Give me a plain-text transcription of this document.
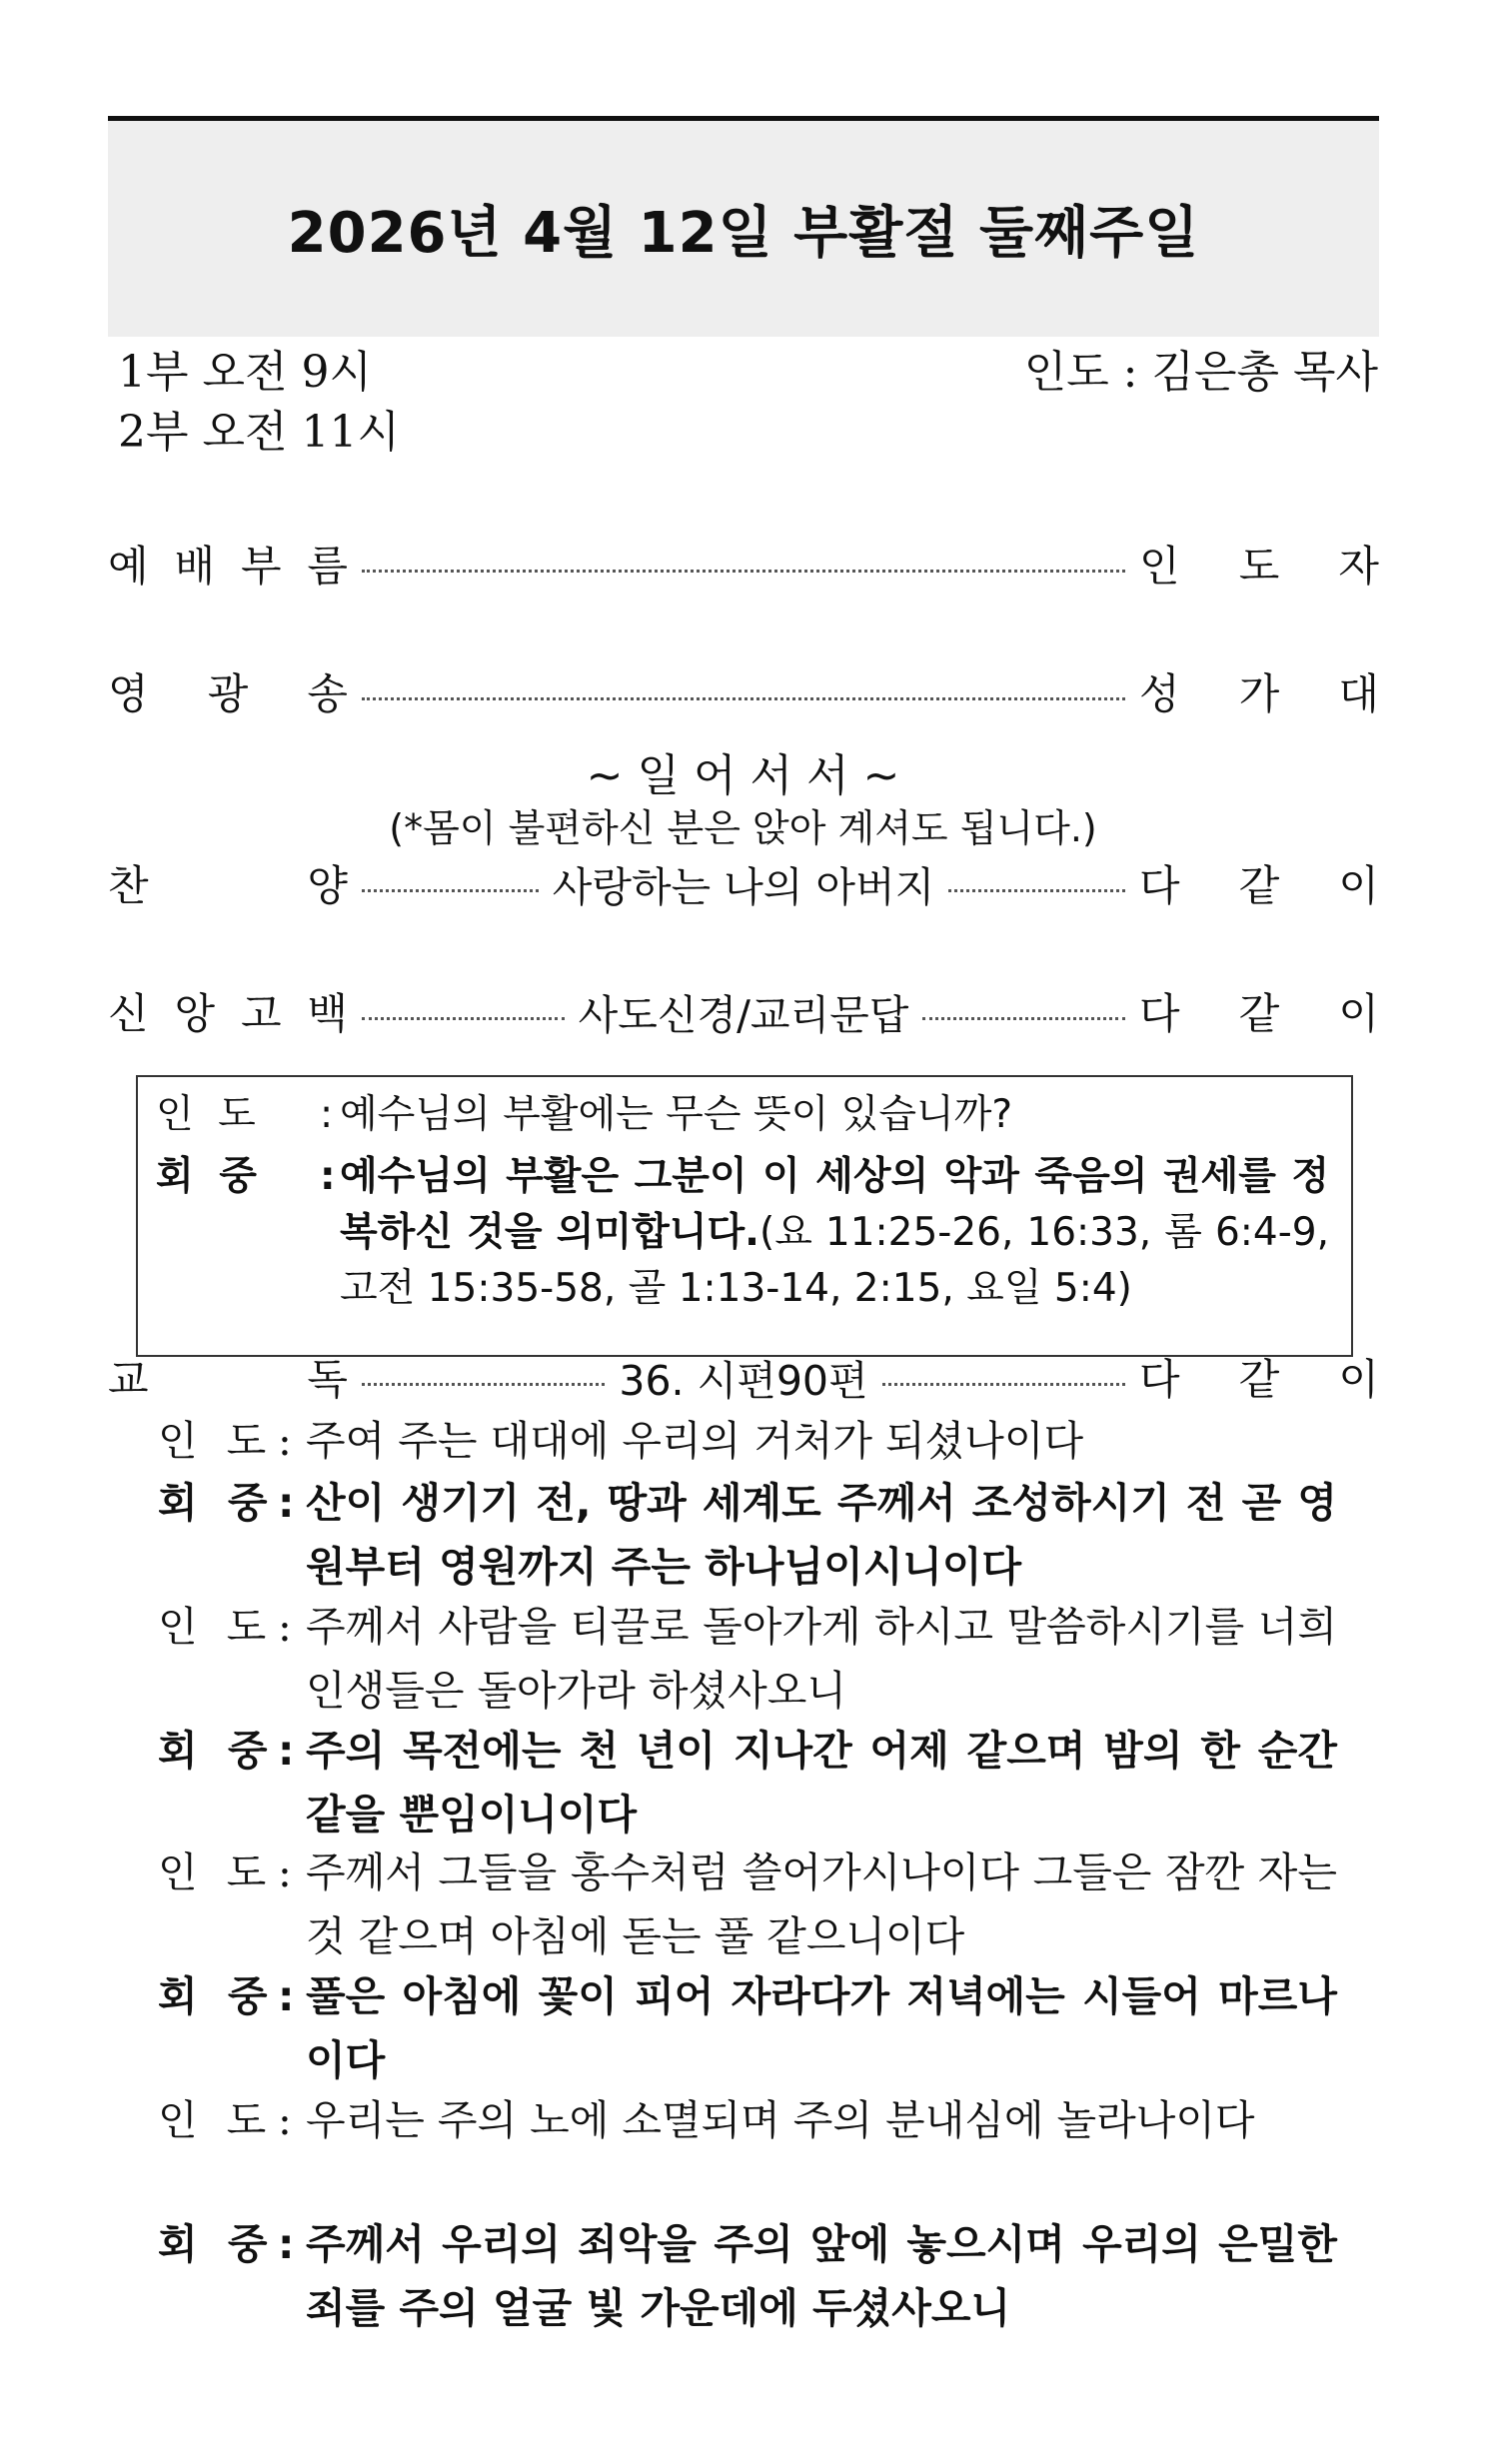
2026년 4월 12일 부활절 둘째주일
1부 오전 9시
2부 오전 11시
인도 : 김은총 목사
예 배 부 름	인 도 자
영 광 송	성 가 대
찬	양	사랑하는 나의 아버지	다 같 이
신 앙 고 백	사도신경/교리문답	다 같 이
교	독	36. 시편90편	다 같 이
~ 일 어 서 서 ~
(*몸이 불편하신 분은 앉아 계셔도 됩니다.)
인 도	: 예수님의 부활에는 무슨 뜻이 있습니까?
회 중	: 예수님의 부활은 그분이 이 세상의 악과 죽음의 권세를 정복하신 것을 의미합니다.(요 11:25-26, 16:33, 롬 6:4-9, 고전 15:35-58, 골 1:13-14, 2:15, 요일 5:4)
인 도 : 주여 주는 대대에 우리의 거처가 되셨나이다
회 중 : 산이 생기기 전, 땅과 세계도 주께서 조성하시기 전 곧 영원부터 영원까지 주는 하나님이시니이다
인 도 : 주께서 사람을 티끌로 돌아가게 하시고 말씀하시기를 너희 인생들은 돌아가라 하셨사오니
회 중 : 주의 목전에는 천 년이 지나간 어제 같으며 밤의 한 순간 같을 뿐임이니이다
인 도 : 주께서 그들을 홍수처럼 쓸어가시나이다 그들은 잠깐 자는 것 같으며 아침에 돋는 풀 같으니이다
회 중 : 풀은 아침에 꽃이 피어 자라다가 저녁에는 시들어 마르나이다
인 도 : 우리는 주의 노에 소멸되며 주의 분내심에 놀라나이다
회 중 : 주께서 우리의 죄악을 주의 앞에 놓으시며 우리의 은밀한 죄를 주의 얼굴 빛 가운데에 두셨사오니
